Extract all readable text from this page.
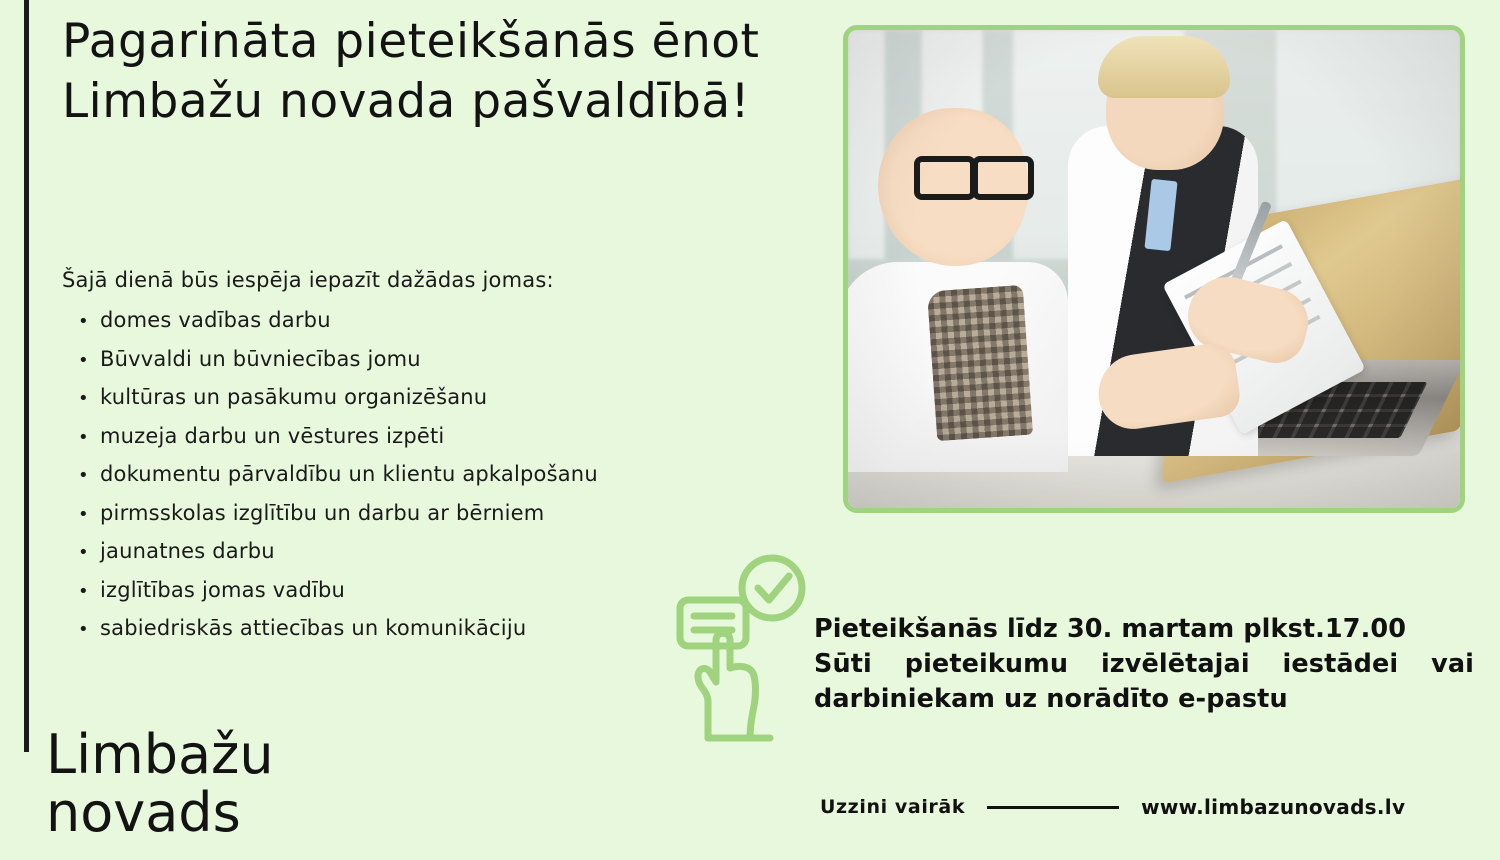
Pagarināta pieteikšanās ēnot Limbažu novada pašvaldībā!
Šajā dienā būs iespēja iepazīt dažādas jomas:
•
domes vadības darbu
•
Būvvaldi un būvniecības jomu
•
kultūras un pasākumu organizēšanu
•
muzeja darbu un vēstures izpēti
•
dokumentu pārvaldību un klientu apkalpošanu
•
pirmsskolas izglītību un darbu ar bērniem
•
jaunatnes darbu
•
izglītības jomas vadību
•
sabiedriskās attiecības un komunikāciju
Limbažu
novads
Pieteikšanās līdz 30. martam plkst.17.00
Sūti pieteikumu izvēlētajai iestādei vai darbiniekam uz norādīto e-pastu
Uzzini vairāk	www.limbazunovads.lv
